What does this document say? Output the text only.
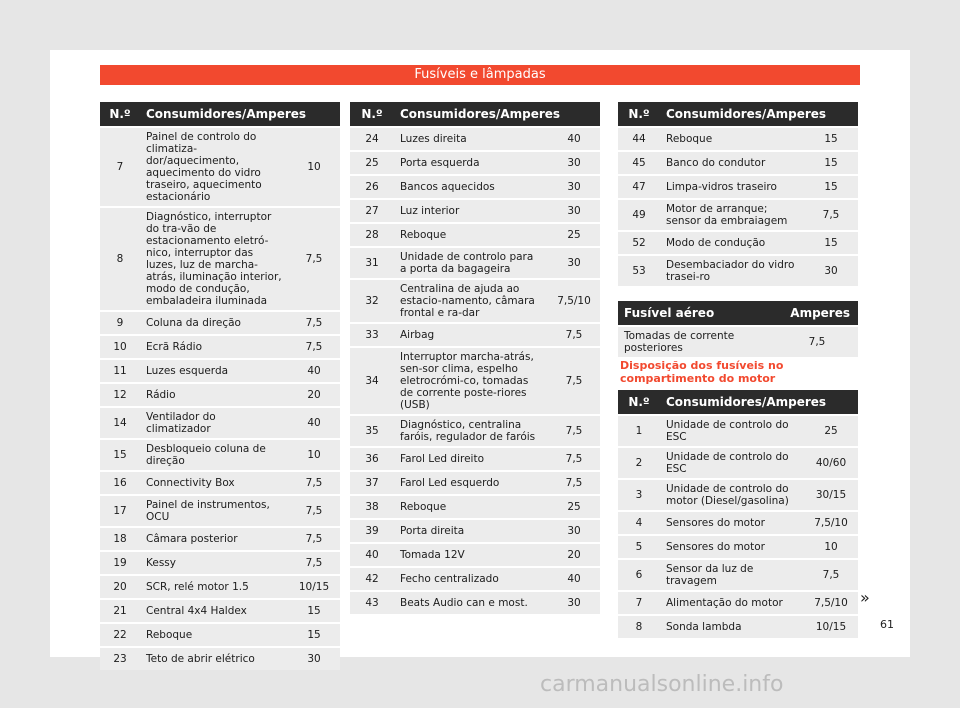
Fusíveis e lâmpadas
N.º	Consumidores/Amperes	
7	Painel de controlo do climatiza-dor/aquecimento, aquecimento do vidro traseiro, aquecimento estacionário	10
8	Diagnóstico, interruptor do tra-vão de estacionamento eletró-nico, interruptor das luzes, luz de marcha-atrás, iluminação interior, modo de condução, embaladeira iluminada	7,5
9	Coluna da direção	7,5
10	Ecrã Rádio	7,5
11	Luzes esquerda	40
12	Rádio	20
14	Ventilador do climatizador	40
15	Desbloqueio coluna de direção	10
16	Connectivity Box	7,5
17	Painel de instrumentos, OCU	7,5
18	Câmara posterior	7,5
19	Kessy	7,5
20	SCR, relé motor 1.5	10/15
21	Central 4x4 Haldex	15
22	Reboque	15
23	Teto de abrir elétrico	30
N.º	Consumidores/Amperes	
24	Luzes direita	40
25	Porta esquerda	30
26	Bancos aquecidos	30
27	Luz interior	30
28	Reboque	25
31	Unidade de controlo para a porta da bagageira	30
32	Centralina de ajuda ao estacio-namento, câmara frontal e ra-dar	7,5/10
33	Airbag	7,5
34	Interruptor marcha-atrás, sen-sor clima, espelho eletrocrómi-co, tomadas de corrente poste-riores (USB)	7,5
35	Diagnóstico, centralina faróis, regulador de faróis	7,5
36	Farol Led direito	7,5
37	Farol Led esquerdo	7,5
38	Reboque	25
39	Porta direita	30
40	Tomada 12V	20
42	Fecho centralizado	40
43	Beats Audio can e most.	30
N.º	Consumidores/Amperes	
44	Reboque	15
45	Banco do condutor	15
47	Limpa-vidros traseiro	15
49	Motor de arranque; sensor da embraiagem	7,5
52	Modo de condução	15
53	Desembaciador do vidro trasei-ro	30
Fusível aéreo	Amperes
Tomadas de corrente posteriores	7,5
Disposição dos fusíveis no compartimento do motor
N.º	Consumidores/Amperes	
1	Unidade de controlo do ESC	25
2	Unidade de controlo do ESC	40/60
3	Unidade de controlo do motor (Diesel/gasolina)	30/15
4	Sensores do motor	7,5/10
5	Sensores do motor	10
6	Sensor da luz de travagem	7,5
7	Alimentação do motor	7,5/10
8	Sonda lambda	10/15
»
61
carmanualsonline.info
